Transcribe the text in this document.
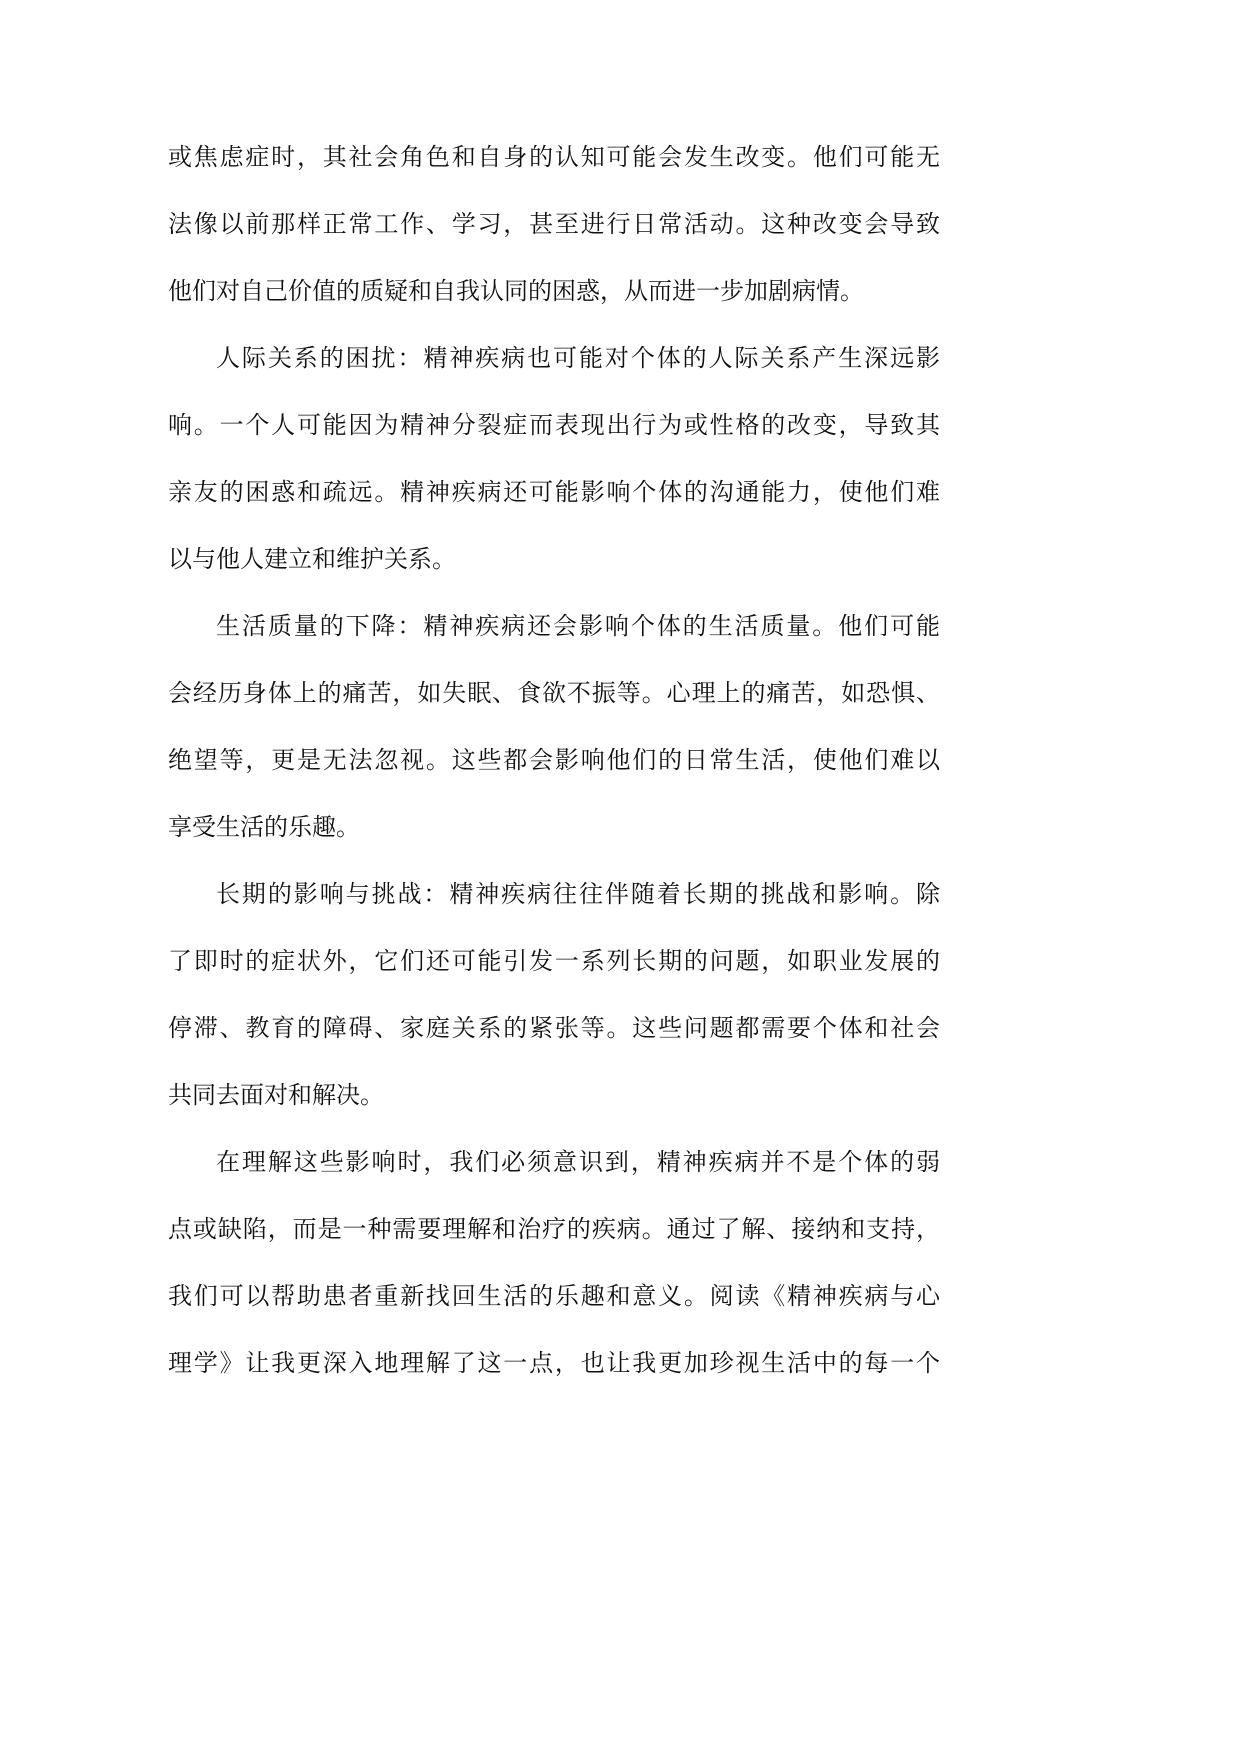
或焦虑症时，其社会角色和自身的认知可能会发生改变。他们可能无
法像以前那样正常工作、学习，甚至进行日常活动。这种改变会导致
他们对自己价值的质疑和自我认同的困惑，从而进一步加剧病情。
人际关系的困扰：精神疾病也可能对个体的人际关系产生深远影
响。一个人可能因为精神分裂症而表现出行为或性格的改变，导致其
亲友的困惑和疏远。精神疾病还可能影响个体的沟通能力，使他们难
以与他人建立和维护关系。
生活质量的下降：精神疾病还会影响个体的生活质量。他们可能
会经历身体上的痛苦，如失眠、食欲不振等。心理上的痛苦，如恐惧、
绝望等，更是无法忽视。这些都会影响他们的日常生活，使他们难以
享受生活的乐趣。
长期的影响与挑战：精神疾病往往伴随着长期的挑战和影响。除
了即时的症状外，它们还可能引发一系列长期的问题，如职业发展的
停滞、教育的障碍、家庭关系的紧张等。这些问题都需要个体和社会
共同去面对和解决。
在理解这些影响时，我们必须意识到，精神疾病并不是个体的弱
点或缺陷，而是一种需要理解和治疗的疾病。通过了解、接纳和支持，
我们可以帮助患者重新找回生活的乐趣和意义。阅读《精神疾病与心
理学》让我更深入地理解了这一点，也让我更加珍视生活中的每一个
